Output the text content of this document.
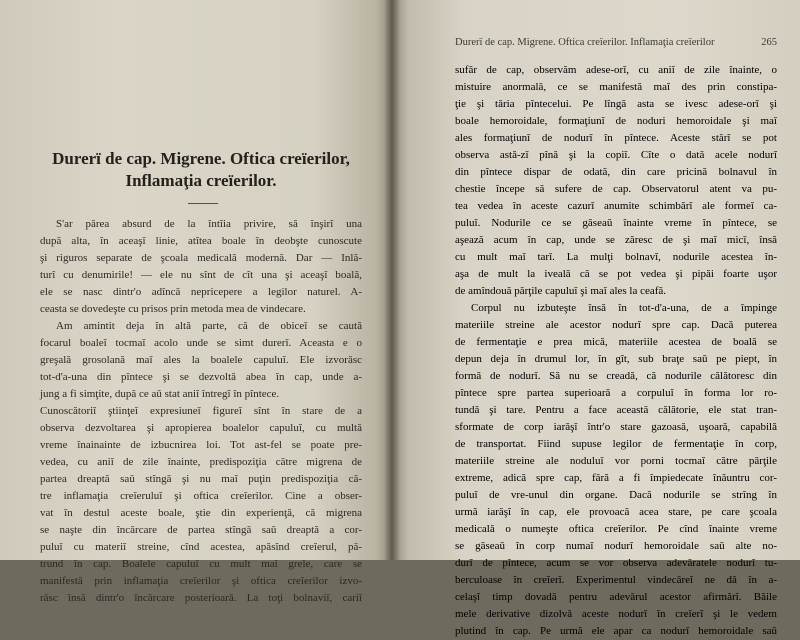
Durerï de cap. Migrene. Oftica creïerilor,
Inflamaţia creïerilor.
S'ar părea absurd de la întîia privire, să înşirî una
după alta, în aceaşĭ linie, atîtea boale în deobşte cunoscute
şi riguros separate de şcoala medicală modernă. Dar — Inlă-
turî cu denumirile! — ele nu sînt de cît una şi aceaşĭ boală,
ele se nasc dintr'o adîncă nepricepere a legilor naturel. A-
ceasta se dovedeşte cu prisos prin metoda mea de vindecare.
Am amintit deja în altă parte, că de obiceĭ se caută
focarul boaleĭ tocmaĭ acolo unde se simt durerĭ. Aceasta e o
greşală grosolană maĭ ales la boalele capuluĭ. Ele izvorăsc
tot-d'a-una din pîntece şi se dezvoltă abea în cap, unde a-
jung a fi simţite, după ce aŭ stat aniĭ întregĭ în pîntece.
Cunoscătoriĭ ştiinţeĭ expresiuneĭ figureĭ sînt în stare de a
observa dezvoltarea şi apropierea boalelor capuluĭ, cu multă
vreme înainainte de izbucnirea loi. Tot ast-fel se poate pre-
vedea, cu aniĭ de zile înainte, predispoziţia către migrena de
partea dreaptă saŭ stîngă şi nu maĭ puţin predispoziţia că-
tre inflamaţia creĭeruluĭ şi oftica creĭerilor. Cine a obser-
vat în destul aceste boale, ştie din experienţă, că migrena
se naşte din încărcare de partea stîngă saŭ dreaptă a cor-
puluĭ cu materiĭ streine, cînd acestea, apăsînd creĭerul, pă-
trund în cap. Boalele capuluĭ cu mult maĭ grele, care se
manifestă prin inflamaţia creĭerilor şi oftica creĭerilor izvo-
răsc însă dintr'o încărcare posterioară. La toţi bolnaviĭ, cariĭ
Durerï de cap. Migrene. Oftica creïerilor. Inflamaţia creïerilor	265
sufăr de cap, observăm adese-orĭ, cu aniĭ de zile înainte, o
mistuire anormală, ce se manifestă maĭ des prin constipa-
ţie şi tăria pîntecelui. Pe lîngă asta se ivesc adese-orĭ şi
boale hemoroidale, formaţiunĭ de noduri hemoroidale şi maĭ
ales formaţiunĭ de nodurĭ în pîntece. Aceste stărĭ se pot
observa astă-zĭ pînă şi la copiĭ. Cîte o dată acele nodurĭ
din pîntece dispar de odată, din care pricină bolnavul în
chestie începe să sufere de cap. Observatorul atent va pu-
tea vedea în aceste cazurĭ anumite schimbărĭ ale formeĭ ca-
puluĭ. Nodurile ce se găseaŭ înainte vreme în pîntece, se
aşează acum în cap, unde se zăresc de şi maĭ micĭ, însă
cu mult maĭ tarĭ. La mulţi bolnavĭ, nodurile acestea în-
aşa de mult la iveală că se pot vedea şi pipăi foarte uşor
de amîndouă părţile capuluĭ şi maĭ ales la ceafă.
Corpul nu izbuteşte însă în tot-d'a-una, de a împinge
materiile streine ale acestor nodurĭ spre cap. Dacă puterea
de fermentaţie e prea mică, materiile acestea de boală se
depun deja în drumul lor, în gît, sub braţe saŭ pe piept, în
formă de nodurĭ. Să nu se creadă, că nodurile călătoresc din
pîntece spre partea superioară a corpuluĭ în forma lor ro-
tundă şi tare. Pentru a face această călătorie, ele stat tran-
sformate de corp iarăşĭ într'o stare gazoasă, uşoară, capabilă
de transportat. Fiind supuse legilor de fermentaţie în corp,
materiile streine ale noduluĭ vor porni tocmaĭ către părţile
extreme, adică spre cap, fără a fi împiedecate înăuntru cor-
puluĭ de vre-unul din organe. Dacă nodurile se strîng în
urmă iarăşĭ în cap, ele provoacă acea stare, pe care şcoala
medicală o numeşte oftica creĭerilor. Pe cînd înainte vreme
se găseaŭ în corp numaĭ nodurĭ hemoroidale saŭ alte no-
durĭ de pîntece, acum se vor observa adevăratele nodurĭ tu-
berculoase în creĭerĭ. Experimentul vindecăreĭ ne dă în a-
celaşĭ timp dovadă pentru adevărul acestor afirmărĭ. Băile
mele derivative dizolvă aceste nodurĭ în creĭerĭ şi le vedem
plutind în cap. Pe urmă ele apar ca nodurĭ hemoroidale saŭ
